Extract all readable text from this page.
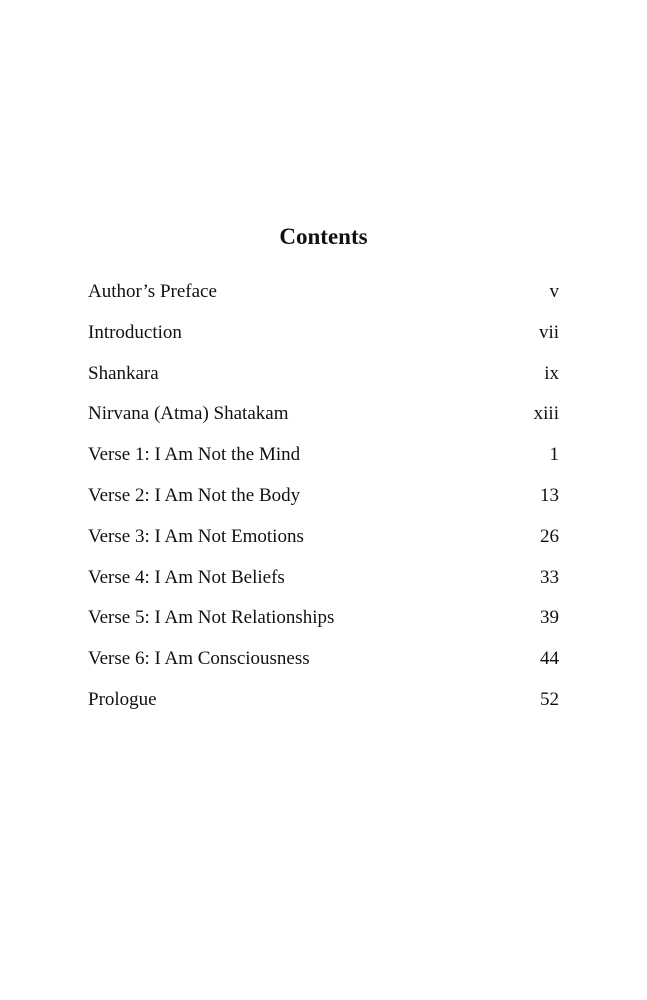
Contents
Author’s Preface	v
Introduction	vii
Shankara	ix
Nirvana (Atma) Shatakam	xiii
Verse 1: I Am Not the Mind	1
Verse 2: I Am Not the Body	13
Verse 3: I Am Not Emotions	26
Verse 4: I Am Not Beliefs	33
Verse 5: I Am Not Relationships	39
Verse 6: I Am Consciousness	44
Prologue	52
